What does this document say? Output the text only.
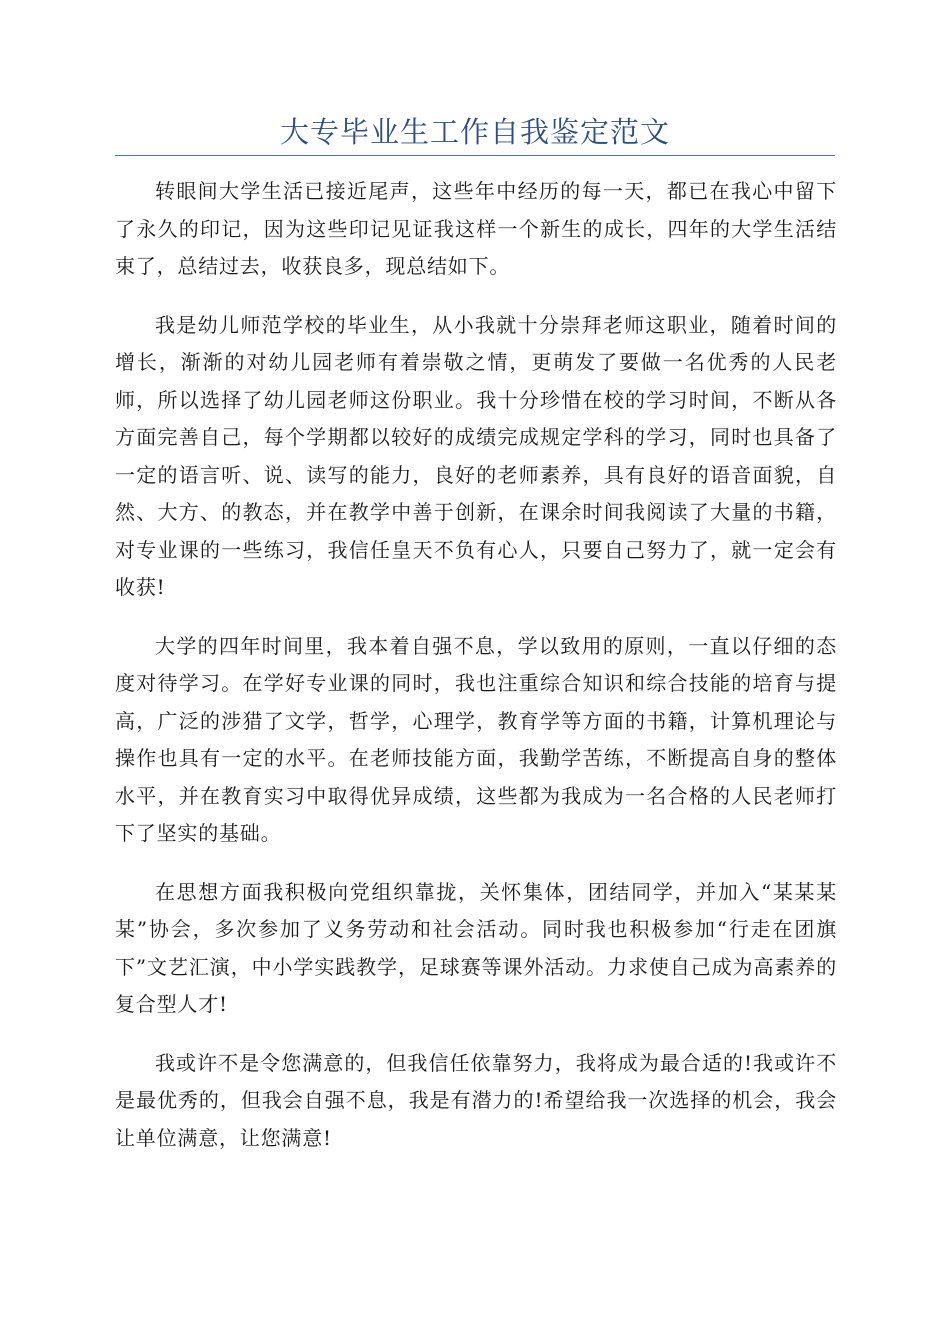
大专毕业生工作自我鉴定范文

转眼间大学生活已接近尾声，这些年中经历的每一天，都已在我心中留下了永久的印记，因为这些印记见证我这样一个新生的成长，四年的大学生活结束了，总结过去，收获良多，现总结如下。

我是幼儿师范学校的毕业生，从小我就十分崇拜老师这职业，随着时间的增长，渐渐的对幼儿园老师有着崇敬之情，更萌发了要做一名优秀的人民老师，所以选择了幼儿园老师这份职业。我十分珍惜在校的学习时间，不断从各方面完善自己，每个学期都以较好的成绩完成规定学科的学习，同时也具备了一定的语言听、说、读写的能力，良好的老师素养，具有良好的语音面貌，自然、大方、的教态，并在教学中善于创新，在课余时间我阅读了大量的书籍，对专业课的一些练习，我信任皇天不负有心人，只要自己努力了，就一定会有收获!

大学的四年时间里，我本着自强不息，学以致用的原则，一直以仔细的态度对待学习。在学好专业课的同时，我也注重综合知识和综合技能的培育与提高，广泛的涉猎了文学，哲学，心理学，教育学等方面的书籍，计算机理论与操作也具有一定的水平。在老师技能方面，我勤学苦练，不断提高自身的整体水平，并在教育实习中取得优异成绩，这些都为我成为一名合格的人民老师打下了坚实的基础。

在思想方面我积极向党组织靠拢，关怀集体，团结同学，并加入“某某某某”协会，多次参加了义务劳动和社会活动。同时我也积极参加“行走在团旗下”文艺汇演，中小学实践教学，足球赛等课外活动。力求使自己成为高素养的复合型人才!

我或许不是令您满意的，但我信任依靠努力，我将成为最合适的!我或许不是最优秀的，但我会自强不息，我是有潜力的!希望给我一次选择的机会，我会让单位满意，让您满意!
